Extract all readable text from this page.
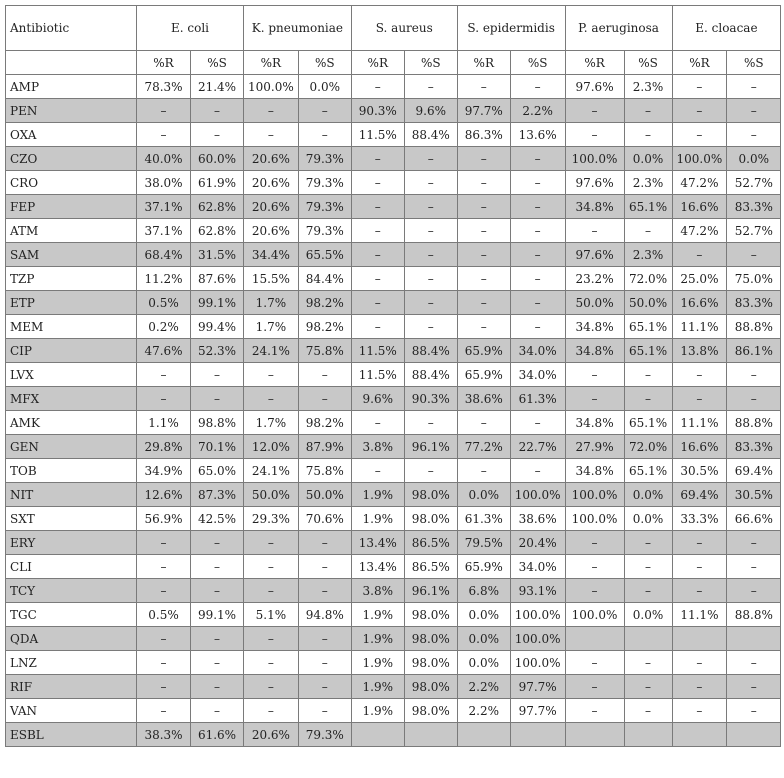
Antibiotic	E. coli		K. pneumoniae		S. aureus		S. epidermidis		P. aeruginosa		E. cloacae	
	%R	%S	%R	%S	%R	%S	%R	%S	%R	%S	%R	%S
AMP	78.3%	21.4%	100.0%	0.0%	–	–	–	–	97.6%	2.3%	–	–
PEN	–	–	–	–	90.3%	9.6%	97.7%	2.2%	–	–	–	–
OXA	–	–	–	–	11.5%	88.4%	86.3%	13.6%	–	–	–	–
CZO	40.0%	60.0%	20.6%	79.3%	–	–	–	–	100.0%	0.0%	100.0%	0.0%
CRO	38.0%	61.9%	20.6%	79.3%	–	–	–	–	97.6%	2.3%	47.2%	52.7%
FEP	37.1%	62.8%	20.6%	79.3%	–	–	–	–	34.8%	65.1%	16.6%	83.3%
ATM	37.1%	62.8%	20.6%	79.3%	–	–	–	–	–	–	47.2%	52.7%
SAM	68.4%	31.5%	34.4%	65.5%	–	–	–	–	97.6%	2.3%	–	–
TZP	11.2%	87.6%	15.5%	84.4%	–	–	–	–	23.2%	72.0%	25.0%	75.0%
ETP	0.5%	99.1%	1.7%	98.2%	–	–	–	–	50.0%	50.0%	16.6%	83.3%
MEM	0.2%	99.4%	1.7%	98.2%	–	–	–	–	34.8%	65.1%	11.1%	88.8%
CIP	47.6%	52.3%	24.1%	75.8%	11.5%	88.4%	65.9%	34.0%	34.8%	65.1%	13.8%	86.1%
LVX	–	–	–	–	11.5%	88.4%	65.9%	34.0%	–	–	–	–
MFX	–	–	–	–	9.6%	90.3%	38.6%	61.3%	–	–	–	–
AMK	1.1%	98.8%	1.7%	98.2%	–	–	–	–	34.8%	65.1%	11.1%	88.8%
GEN	29.8%	70.1%	12.0%	87.9%	3.8%	96.1%	77.2%	22.7%	27.9%	72.0%	16.6%	83.3%
TOB	34.9%	65.0%	24.1%	75.8%	–	–	–	–	34.8%	65.1%	30.5%	69.4%
NIT	12.6%	87.3%	50.0%	50.0%	1.9%	98.0%	0.0%	100.0%	100.0%	0.0%	69.4%	30.5%
SXT	56.9%	42.5%	29.3%	70.6%	1.9%	98.0%	61.3%	38.6%	100.0%	0.0%	33.3%	66.6%
ERY	–	–	–	–	13.4%	86.5%	79.5%	20.4%	–	–	–	–
CLI	–	–	–	–	13.4%	86.5%	65.9%	34.0%	–	–	–	–
TCY	–	–	–	–	3.8%	96.1%	6.8%	93.1%	–	–	–	–
TGC	0.5%	99.1%	5.1%	94.8%	1.9%	98.0%	0.0%	100.0%	100.0%	0.0%	11.1%	88.8%
QDA	–	–	–	–	1.9%	98.0%	0.0%	100.0%				
LNZ	–	–	–	–	1.9%	98.0%	0.0%	100.0%	–	–	–	–
RIF	–	–	–	–	1.9%	98.0%	2.2%	97.7%	–	–	–	–
VAN	–	–	–	–	1.9%	98.0%	2.2%	97.7%	–	–	–	–
ESBL	38.3%	61.6%	20.6%	79.3%								
